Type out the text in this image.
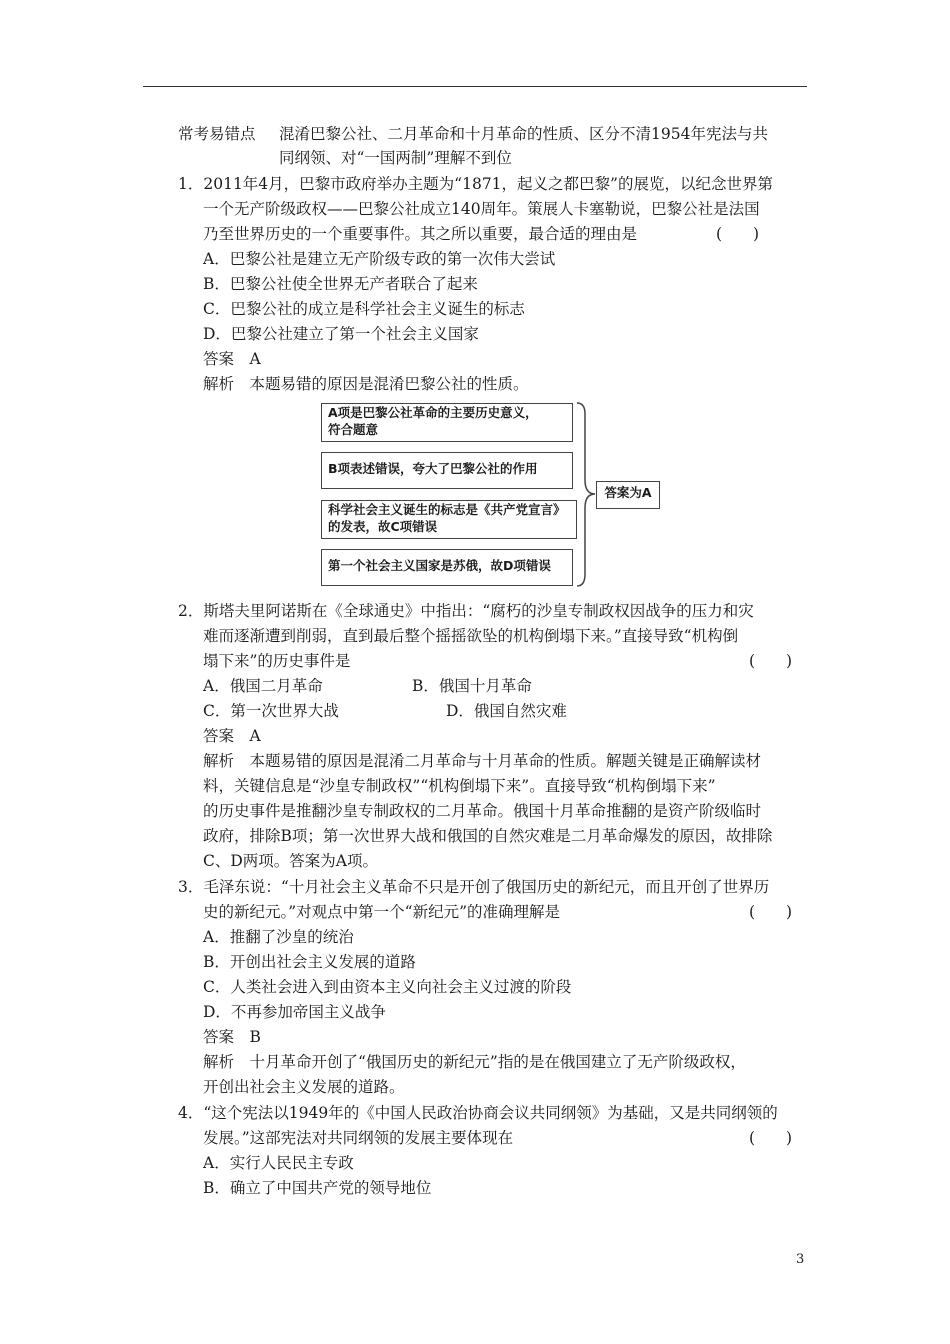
常考易错点 混淆巴黎公社、二月革命和十月革命的性质、区分不清1954年宪法与共
同纲领、对“一国两制”理解不到位
1．2011年4月，巴黎市政府举办主题为“1871，起义之都巴黎”的展览，以纪念世界第
一个无产阶级政权——巴黎公社成立140周年。策展人卡塞勒说，巴黎公社是法国
乃至世界历史的一个重要事件。其之所以重要，最合适的理由是	(　　)
A．巴黎公社是建立无产阶级专政的第一次伟大尝试
B．巴黎公社使全世界无产者联合了起来
C．巴黎公社的成立是科学社会主义诞生的标志
D．巴黎公社建立了第一个社会主义国家
答案　A
解析　本题易错的原因是混淆巴黎公社的性质。
A项是巴黎公社革命的主要历史意义，
符合题意
B项表述错误，夸大了巴黎公社的作用
科学社会主义诞生的标志是《共产党宣言》
的发表，故C项错误
第一个社会主义国家是苏俄，故D项错误
答案为A
2．斯塔夫里阿诺斯在《全球通史》中指出：“腐朽的沙皇专制政权因战争的压力和灾
难而逐渐遭到削弱，直到最后整个摇摇欲坠的机构倒塌下来。”直接导致“机构倒
塌下来”的历史事件是	(　　)
A．俄国二月革命	B．俄国十月革命
C．第一次世界大战	D．俄国自然灾难
答案　A
解析　本题易错的原因是混淆二月革命与十月革命的性质。解题关键是正确解读材
料，关键信息是“沙皇专制政权”“机构倒塌下来”。直接导致“机构倒塌下来”
的历史事件是推翻沙皇专制政权的二月革命。俄国十月革命推翻的是资产阶级临时
政府，排除B项；第一次世界大战和俄国的自然灾难是二月革命爆发的原因，故排除
C、D两项。答案为A项。
3．毛泽东说：“十月社会主义革命不只是开创了俄国历史的新纪元，而且开创了世界历
史的新纪元。”对观点中第一个“新纪元”的准确理解是	(　　)
A．推翻了沙皇的统治
B．开创出社会主义发展的道路
C．人类社会进入到由资本主义向社会主义过渡的阶段
D．不再参加帝国主义战争
答案　B
解析　十月革命开创了“俄国历史的新纪元”指的是在俄国建立了无产阶级政权，
开创出社会主义发展的道路。
4．“这个宪法以1949年的《中国人民政治协商会议共同纲领》为基础，又是共同纲领的
发展。”这部宪法对共同纲领的发展主要体现在	(　　)
A．实行人民民主专政
B．确立了中国共产党的领导地位
3
